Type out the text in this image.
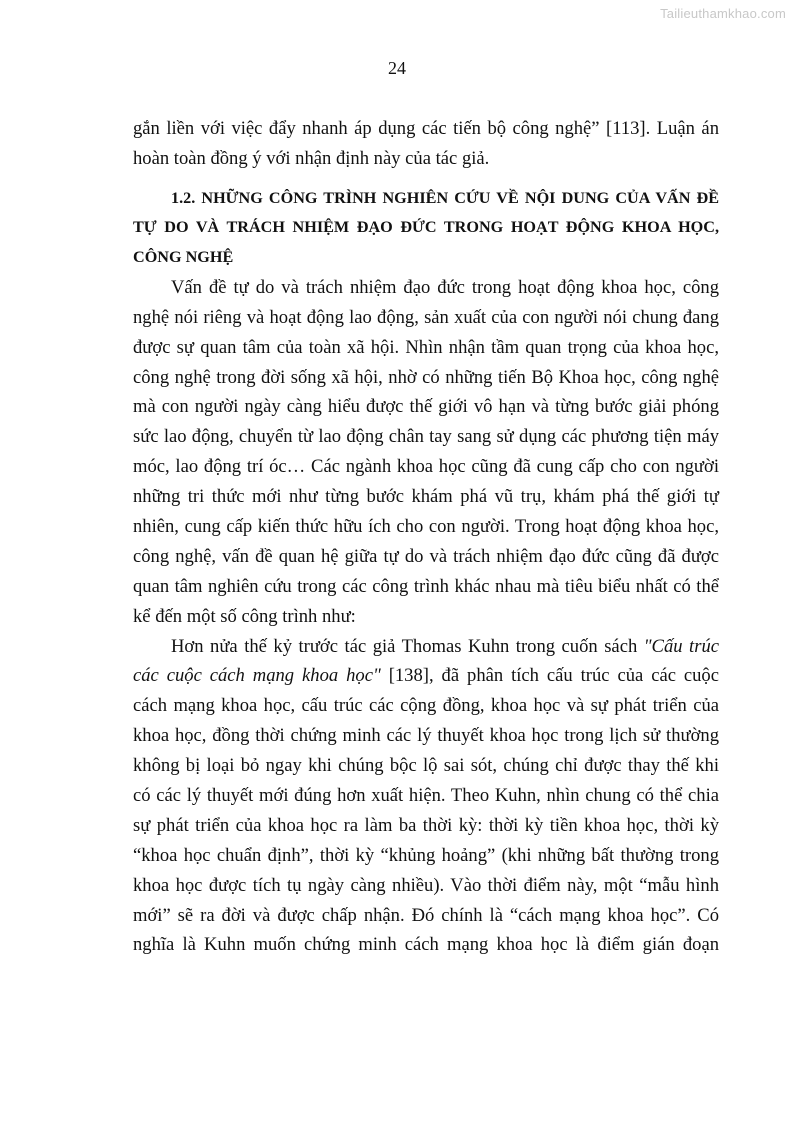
Tailieuthamkhao.com
24
gắn liền với việc đẩy nhanh áp dụng các tiến bộ công nghệ” [113]. Luận án
hoàn toàn đồng ý với nhận định này của tác giả.
1.2. NHỮNG CÔNG TRÌNH NGHIÊN CỨU VỀ NỘI DUNG CỦA VẤN ĐỀ
TỰ DO VÀ TRÁCH NHIỆM ĐẠO ĐỨC TRONG HOẠT ĐỘNG KHOA HỌC,
CÔNG NGHỆ
Vấn đề tự do và trách nhiệm đạo đức trong hoạt động khoa học, công
nghệ nói riêng và hoạt động lao động, sản xuất của con người nói chung đang
được sự quan tâm của toàn xã hội. Nhìn nhận tầm quan trọng của khoa học,
công nghệ trong đời sống xã hội, nhờ có những tiến Bộ Khoa học, công nghệ
mà con người ngày càng hiểu được thế giới vô hạn và từng bước giải phóng
sức lao động, chuyển từ lao động chân tay sang sử dụng các phương tiện máy
móc, lao động trí óc… Các ngành khoa học cũng đã cung cấp cho con người
những tri thức mới như từng bước khám phá vũ trụ, khám phá thế giới tự
nhiên, cung cấp kiến thức hữu ích cho con người. Trong hoạt động khoa học,
công nghệ, vấn đề quan hệ giữa tự do và trách nhiệm đạo đức cũng đã được
quan tâm nghiên cứu trong các công trình khác nhau mà tiêu biểu nhất có thể
kể đến một số công trình như:
Hơn nửa thế kỷ trước tác giả Thomas Kuhn trong cuốn sách "Cấu trúc
các cuộc cách mạng khoa học" [138], đã phân tích cấu trúc của các cuộc
cách mạng khoa học, cấu trúc các cộng đồng, khoa học và sự phát triển của
khoa học, đồng thời chứng minh các lý thuyết khoa học trong lịch sử thường
không bị loại bỏ ngay khi chúng bộc lộ sai sót, chúng chỉ được thay thế khi
có các lý thuyết mới đúng hơn xuất hiện. Theo Kuhn, nhìn chung có thể chia
sự phát triển của khoa học ra làm ba thời kỳ: thời kỳ tiền khoa học, thời kỳ
“khoa học chuẩn định”, thời kỳ “khủng hoảng” (khi những bất thường trong
khoa học được tích tụ ngày càng nhiều). Vào thời điểm này, một “mẫu hình
mới” sẽ ra đời và được chấp nhận. Đó chính là “cách mạng khoa học”. Có
nghĩa là Kuhn muốn chứng minh cách mạng khoa học là điểm gián đoạn
